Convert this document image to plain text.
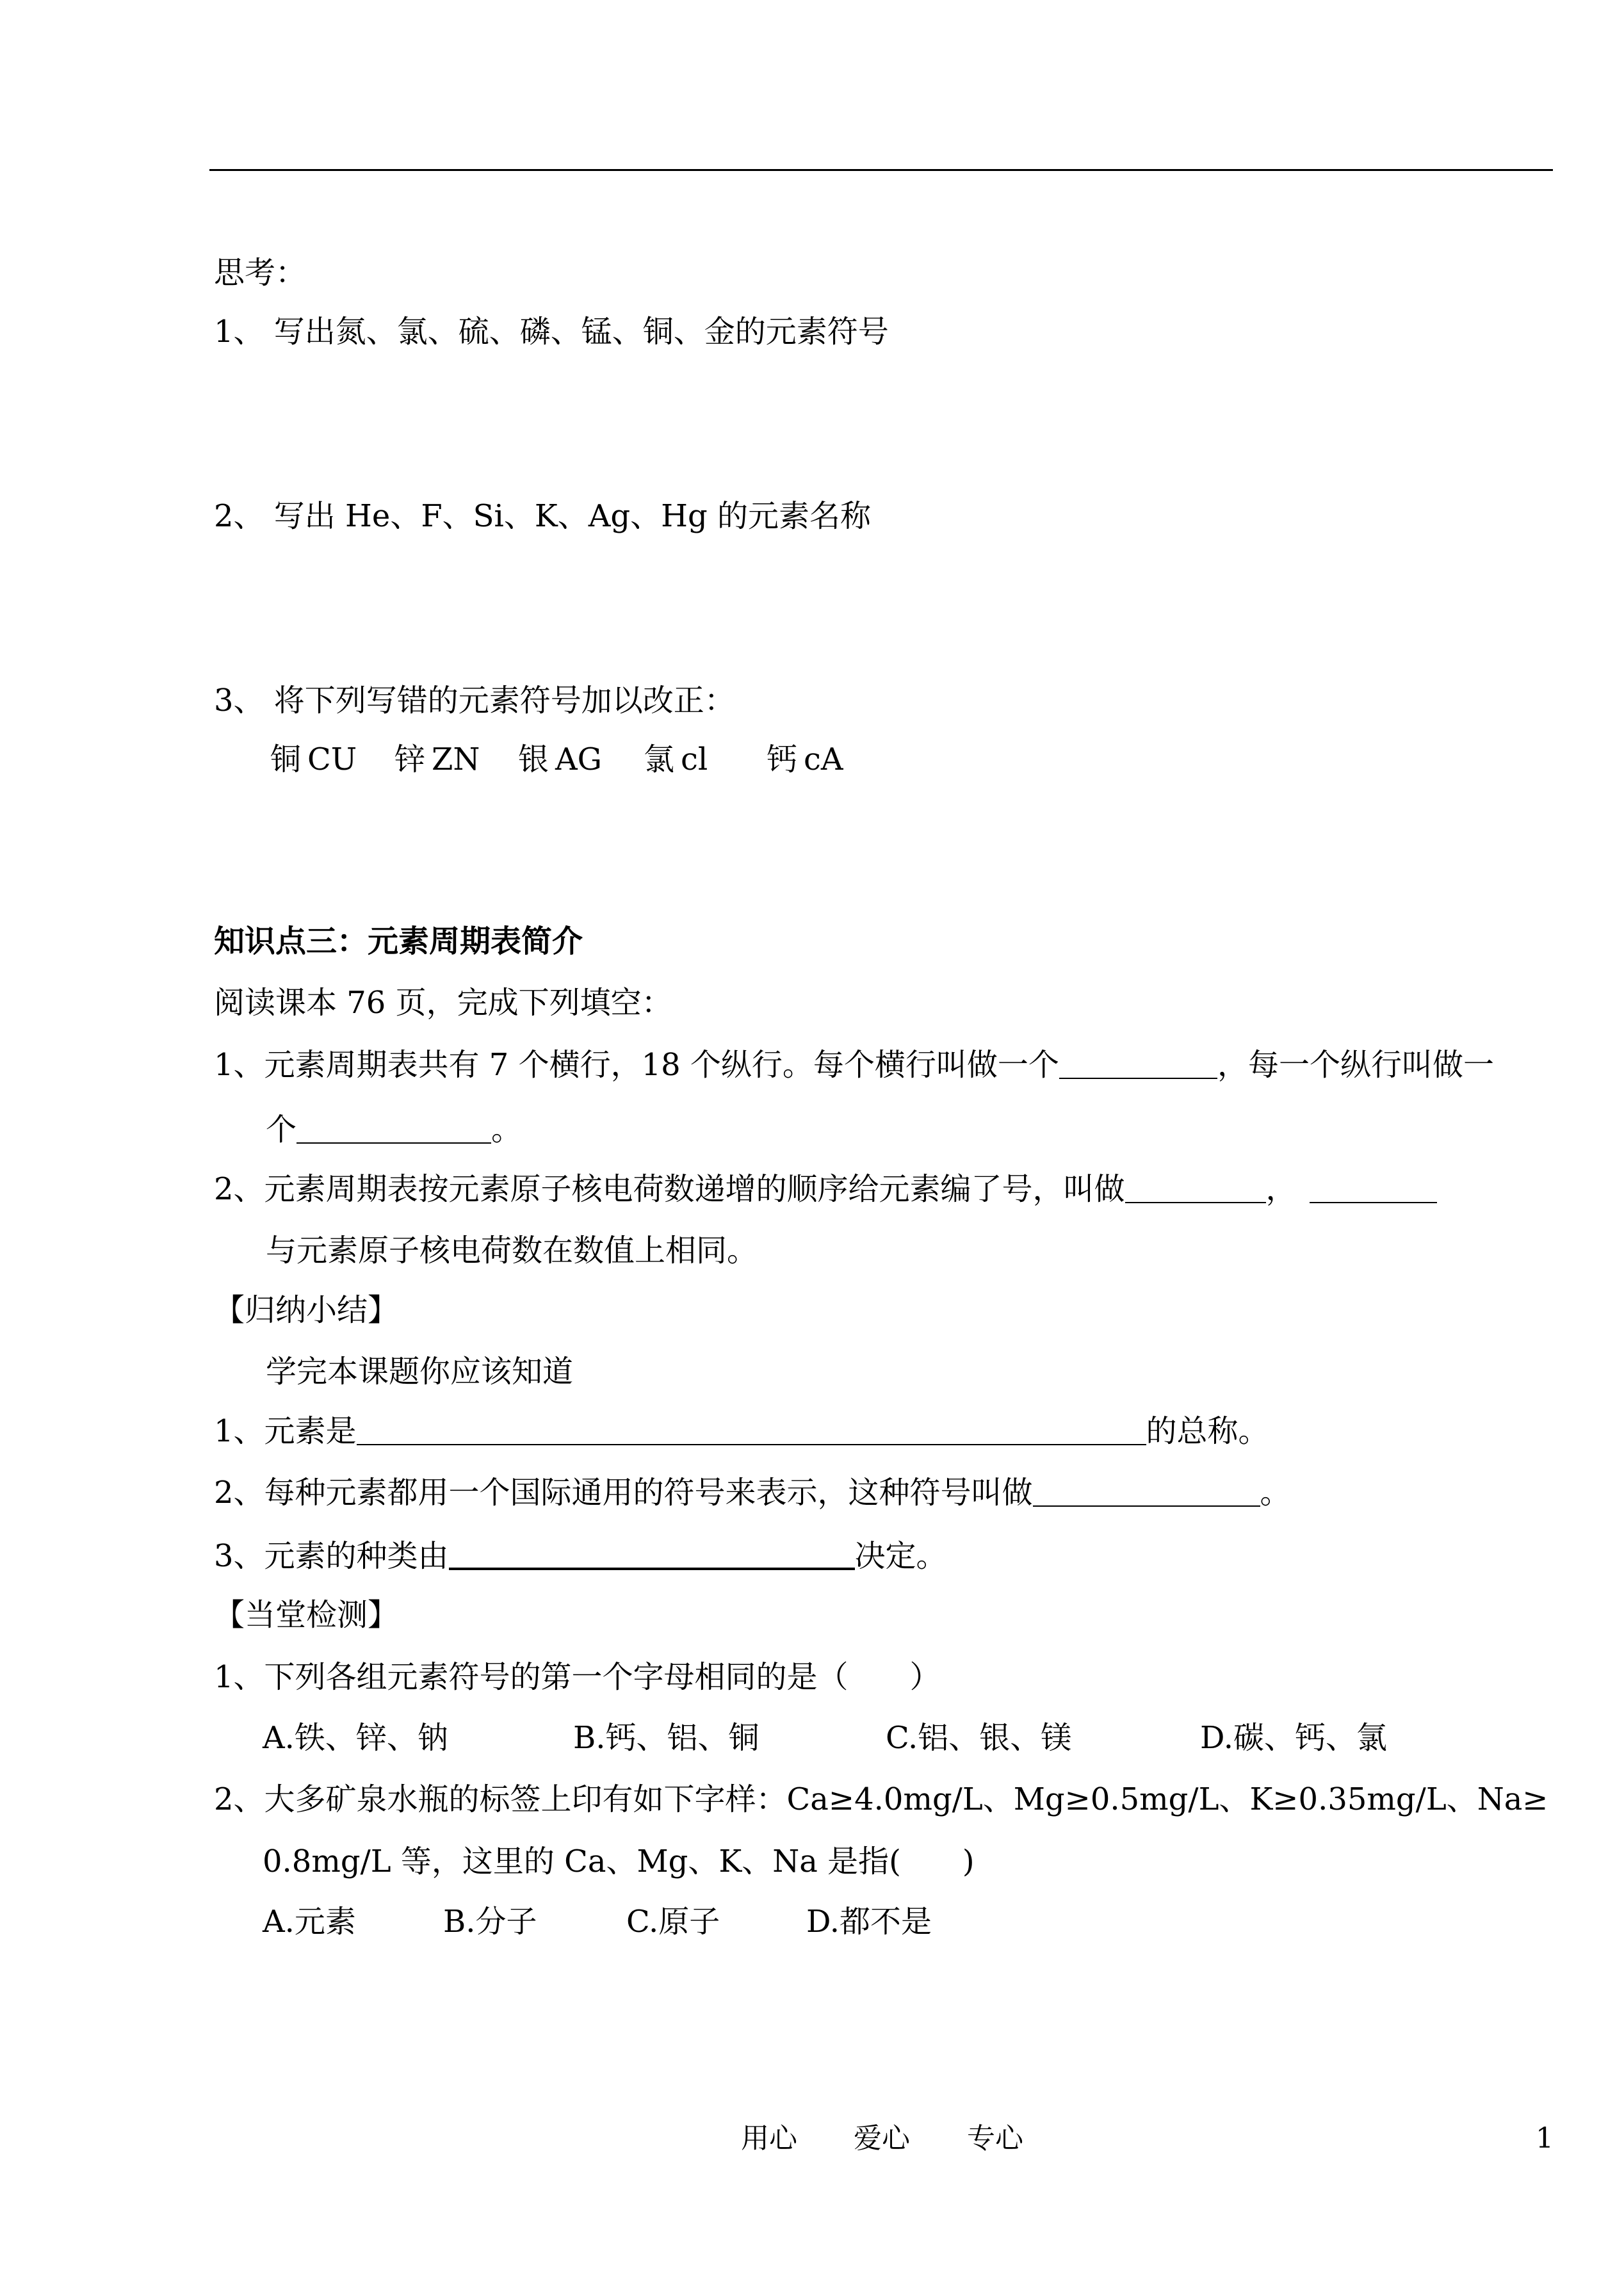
思考：
1、 写出氮、氯、硫、磷、锰、铜、金的元素符号
2、 写出 He、F、Si、K、Ag、Hg 的元素名称
3、 将下列写错的元素符号加以改正：
铜 CU 锌 ZN 银 AG 氯 cl 钙 cA
知识点三：元素周期表简介
阅读课本 76 页，完成下列填空：
1、元素周期表共有 7 个横行，18 个纵行。每个横行叫做一个	，每一个纵行叫做一
个	。
2、元素周期表按元素原子核电荷数递增的顺序给元素编了号，叫做	，
与元素原子核电荷数在数值上相同。
【归纳小结】
学完本课题你应该知道
1、元素是	的总称。
2、每种元素都用一个国际通用的符号来表示，这种符号叫做	。
3、元素的种类由	决定。
【当堂检测】
1、下列各组元素符号的第一个字母相同的是（　　）
A.铁、锌、钠	B.钙、铝、铜	C.铝、银、镁	D.碳、钙、氯
2、大多矿泉水瓶的标签上印有如下字样：Ca≥4.0mg/L、Mg≥0.5mg/L、K≥0.35mg/L、Na≥
0.8mg/L 等，这里的 Ca、Mg、K、Na 是指(　　)
A.元素	B.分子	C.原子	D.都不是
用心 爱心 专心	1
